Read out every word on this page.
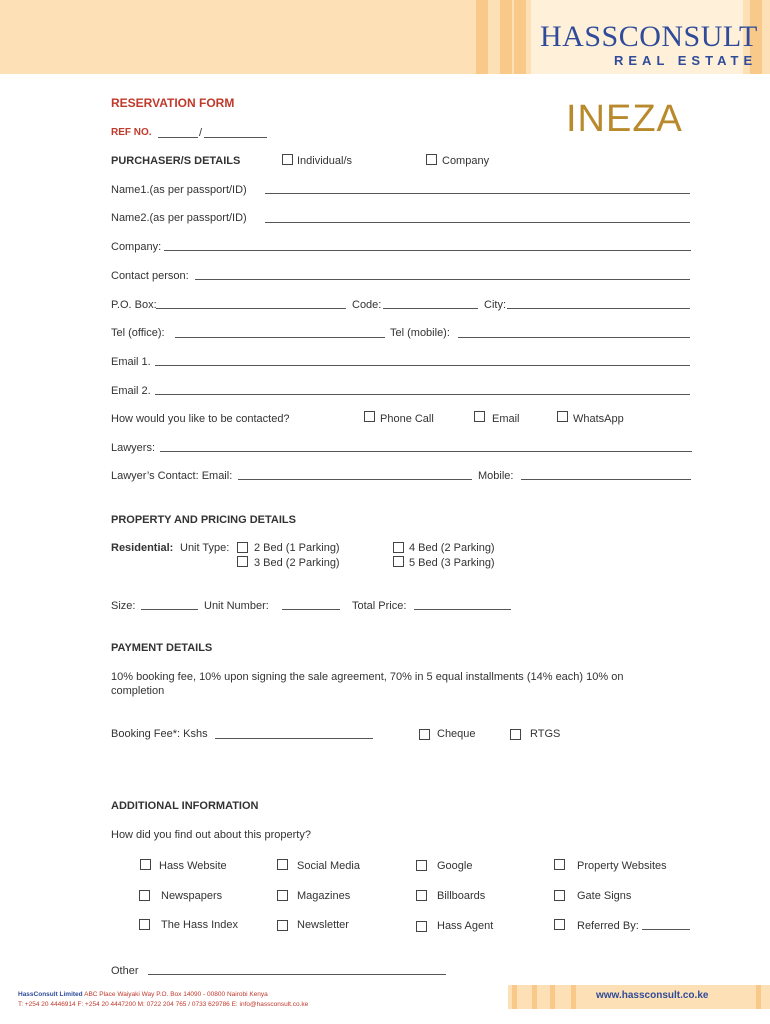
HASSCONSULT
REAL ESTATE
RESERVATION FORM	INEZA
REF NO.	/
PURCHASER/S DETAILS	Individual/s	Company
Name1.(as per passport/ID)
Name2.(as per passport/ID)
Company:
Contact person:
P.O. Box:	Code:	City:
Tel (office):	Tel (mobile):
Email 1.
Email 2.
How would you like to be contacted?	Phone Call	Email	WhatsApp
Lawyers:
Lawyer’s Contact: Email:	Mobile:
PROPERTY AND PRICING DETAILS
Residential: Unit Type: 2 Bed (1 Parking)
3 Bed (2 Parking)
4 Bed (2 Parking)
5 Bed (3 Parking)
Size:	Unit Number:	Total Price:
PAYMENT DETAILS
10% booking fee, 10% upon signing the sale agreement, 70% in 5 equal installments (14% each) 10% on
completion
Booking Fee*: Kshs	Cheque	RTGS
ADDITIONAL INFORMATION
How did you find out about this property?
Hass Website	Social Media	Google	Property Websites
Newspapers	Magazines	Billboards	Gate Signs
The Hass Index	Newsletter	Hass Agent	Referred By:
Other
HassConsult Limited ABC Place Waiyaki Way P.O. Box 14090 - 00800 Nairobi Kenya
T: +254 20 4446914 F: +254 20 4447200 M: 0722 204 765 / 0733 629786 E: info@hassconsult.co.ke
www.hassconsult.co.ke
